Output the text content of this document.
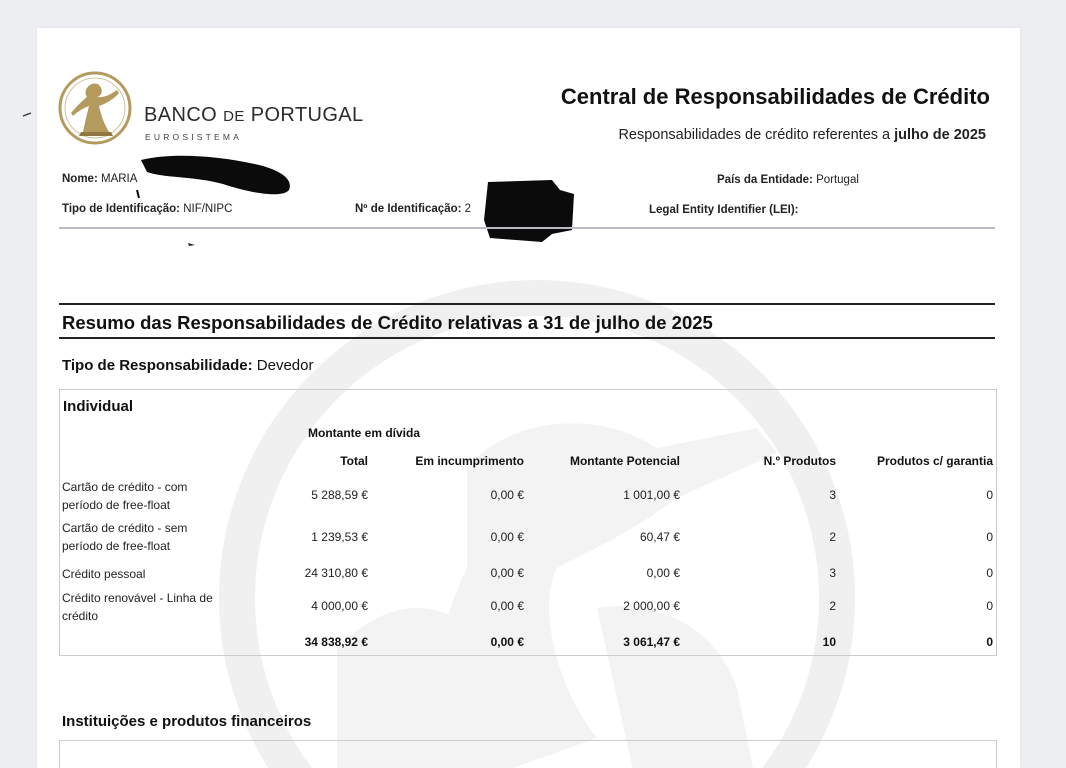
BANCO DE PORTUGAL
EUROSISTEMA
Central de Responsabilidades de Crédito
Responsabilidades de crédito referentes a julho de 2025
Nome: MARIA
Tipo de Identificação: NIF/NIPC	Nº de Identificação: 2
País da Entidade: Portugal
Legal Entity Identifier (LEI):
Resumo das Responsabilidades de Crédito relativas a 31 de julho de 2025
Tipo de Responsabilidade: Devedor
Individual
Montante em dívida
Total	Em incumprimento	Montante Potencial	N.º Produtos	Produtos c/ garantia
Cartão de crédito - com período de free-float
5 288,59 €	0,00 €	1 001,00 €	3	0
Cartão de crédito - sem período de free-float
1 239,53 €	0,00 €	60,47 €	2	0
Crédito pessoal	24 310,80 €	0,00 €	0,00 €	3	0
Crédito renovável - Linha de crédito
4 000,00 €	0,00 €	2 000,00 €	2	0
34 838,92 €	0,00 €	3 061,47 €	10	0
Instituições e produtos financeiros
